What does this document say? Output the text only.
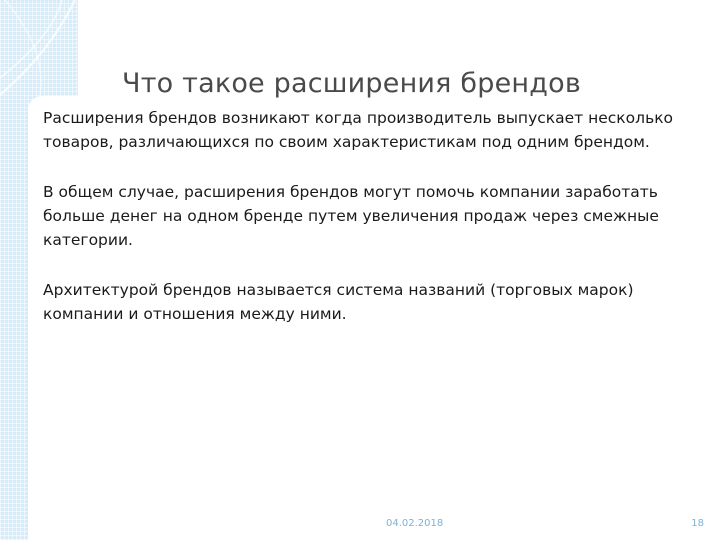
Что такое расширения брендов

Расширения брендов возникают когда производитель выпускает несколько товаров, различающихся по своим характеристикам под одним брендом.

В общем случае, расширения брендов могут помочь компании заработать больше денег на одном бренде путем увеличения продаж через смежные категории.

Архитектурой брендов называется система названий (торговых марок) компании и отношения между ними.

04.02.2018	18
